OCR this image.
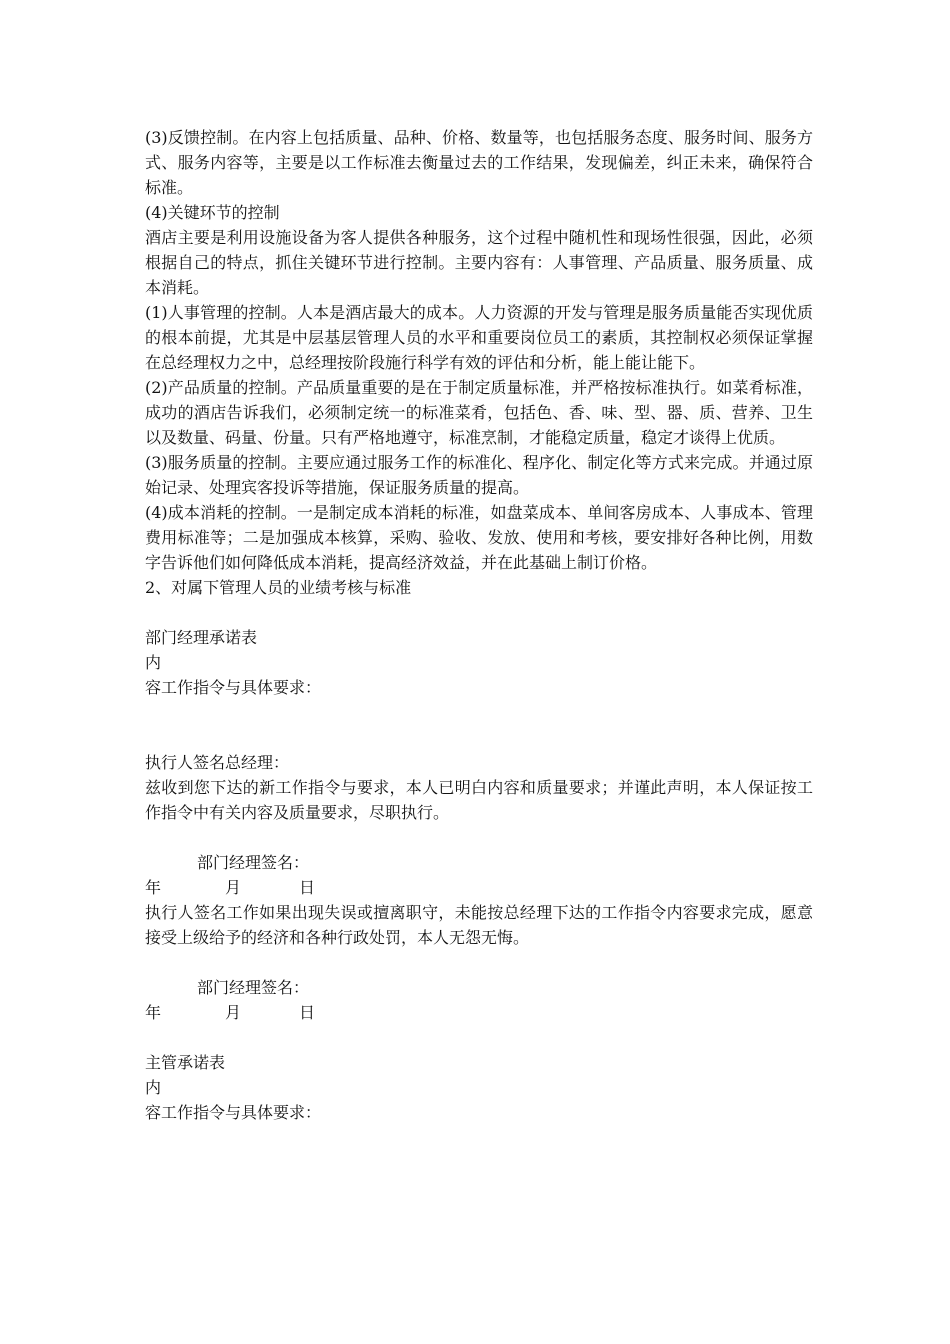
(3)反馈控制。在内容上包括质量、品种、价格、数量等，也包括服务态度、服务时间、服务方式、服务内容等，主要是以工作标准去衡量过去的工作结果，发现偏差，纠正未来，确保符合标准。

(4)关键环节的控制

酒店主要是利用设施设备为客人提供各种服务，这个过程中随机性和现场性很强，因此，必须根据自己的特点，抓住关键环节进行控制。主要内容有：人事管理、产品质量、服务质量、成本消耗。

(1)人事管理的控制。人本是酒店最大的成本。人力资源的开发与管理是服务质量能否实现优质的根本前提，尤其是中层基层管理人员的水平和重要岗位员工的素质，其控制权必须保证掌握在总经理权力之中，总经理按阶段施行科学有效的评估和分析，能上能让能下。

(2)产品质量的控制。产品质量重要的是在于制定质量标准，并严格按标准执行。如菜肴标准，成功的酒店告诉我们，必须制定统一的标准菜肴，包括色、香、味、型、器、质、营养、卫生以及数量、码量、份量。只有严格地遵守，标准烹制，才能稳定质量，稳定才谈得上优质。

(3)服务质量的控制。主要应通过服务工作的标准化、程序化、制定化等方式来完成。并通过原始记录、处理宾客投诉等措施，保证服务质量的提高。

(4)成本消耗的控制。一是制定成本消耗的标准，如盘菜成本、单间客房成本、人事成本、管理费用标准等；二是加强成本核算，采购、验收、发放、使用和考核，要安排好各种比例，用数字告诉他们如何降低成本消耗，提高经济效益，并在此基础上制订价格。

2、对属下管理人员的业绩考核与标准

部门经理承诺表

内

容工作指令与具体要求：

执行人签名总经理：

兹收到您下达的新工作指令与要求，本人已明白内容和质量要求；并谨此声明，本人保证按工作指令中有关内容及质量要求，尽职执行。

部门经理签名：

年	月	日

执行人签名工作如果出现失误或擅离职守，未能按总经理下达的工作指令内容要求完成，愿意接受上级给予的经济和各种行政处罚，本人无怨无悔。

部门经理签名：

年	月	日

主管承诺表

内

容工作指令与具体要求：
